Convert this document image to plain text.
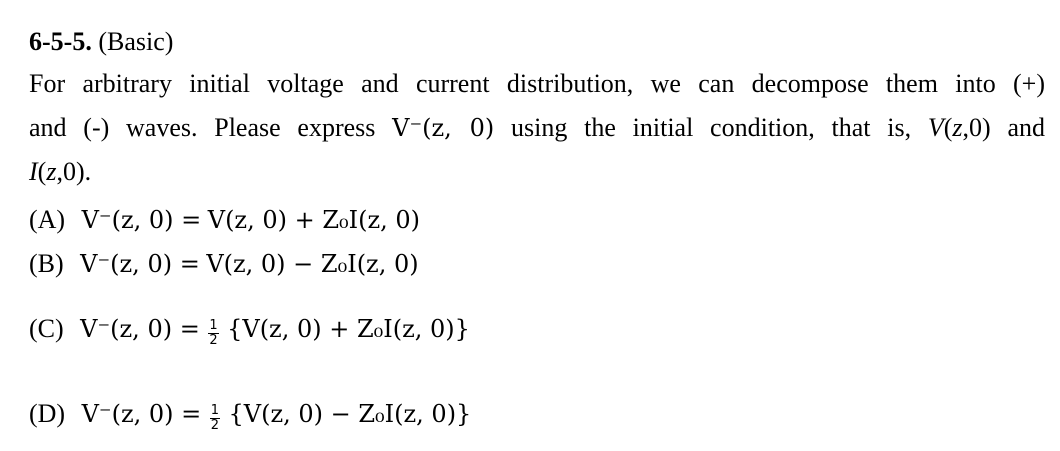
6-5-5. (Basic)
For arbitrary initial voltage and current distribution, we can decompose them into (+)
and (-) waves. Please express V⁻(z, 0) using the initial condition, that is, V(z,0) and
I(z,0).
(A) V⁻(z, 0) = V(z, 0) + Z₀I(z, 0)
(B) V⁻(z, 0) = V(z, 0) − Z₀I(z, 0)
(C) V⁻(z, $0) = \frac{1}{2} \{V(z$, 0) + Z₀I(z, 0)}
(D) V⁻(z, $0) = \frac{1}{2} \{V(z$, 0) − Z₀I(z, 0)}
